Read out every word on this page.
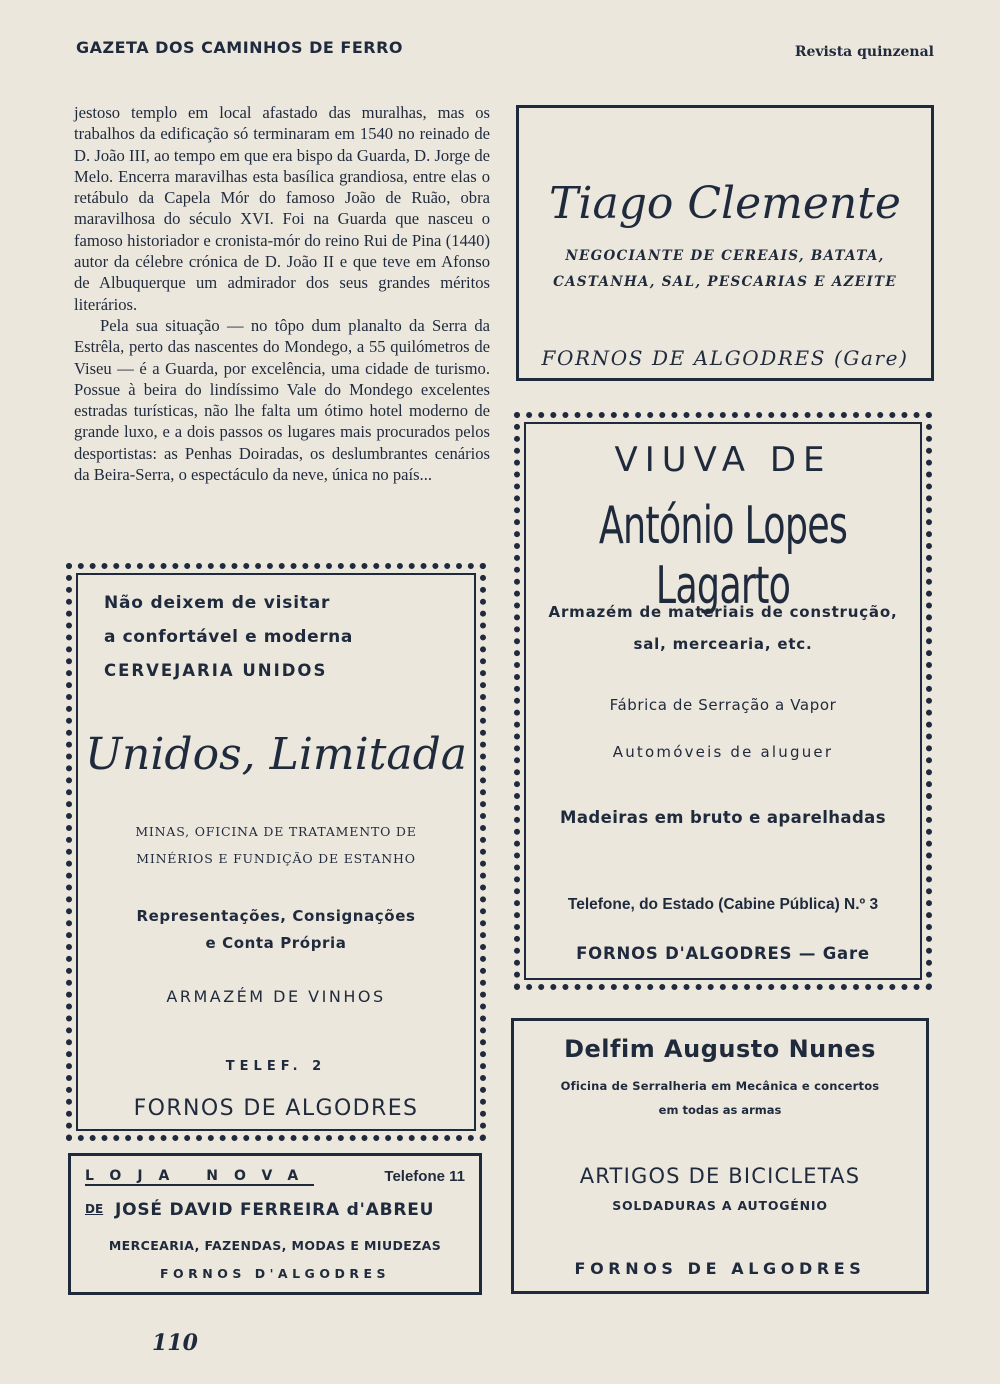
GAZETA DOS CAMINHOS DE FERRO	Revista quinzenal

jestoso templo em local afastado das muralhas, mas os trabalhos da edificação só terminaram em 1540 no reinado de D. João III, ao tempo em que era bispo da Guarda, D. Jorge de Melo. Encerra maravilhas esta basílica grandiosa, entre elas o retábulo da Capela Mór do famoso João de Ruão, obra maravilhosa do século XVI. Foi na Guarda que nasceu o famoso historiador e cronista-mór do reino Rui de Pina (1440) autor da célebre crónica de D. João II e que teve em Afonso de Albuquerque um admirador dos seus grandes méritos literários.

Pela sua situação — no tôpo dum planalto da Serra da Estrêla, perto das nascentes do Mondego, a 55 quilómetros de Viseu — é a Guarda, por excelência, uma cidade de turismo. Possue à beira do lindíssimo Vale do Mondego excelentes estradas turísticas, não lhe falta um ótimo hotel moderno de grande luxo, e a dois passos os lugares mais procurados pelos desportistas: as Penhas Doiradas, os deslumbrantes cenários da Beira-Serra, o espectáculo da neve, única no país...

Tiago Clemente
NEGOCIANTE DE CEREAIS, BATATA,
CASTANHA, SAL, PESCARIAS E AZEITE
FORNOS DE ALGODRES (Gare)
VIUVA DE
António Lopes Lagarto
Armazém de materiais de construção,
sal, mercearia, etc.
Fábrica de Serração a Vapor
Automóveis de aluguer
Madeiras em bruto e aparelhadas
Telefone, do Estado (Cabine Pública) N.º 3
FORNOS D'ALGODRES — Gare
Não deixem de visitar
a confortável e moderna
CERVEJARIA UNIDOS
Unidos, Limitada
MINAS, OFICINA DE TRATAMENTO DE
MINÉRIOS E FUNDIÇÃO DE ESTANHO
Representações, Consignações
e Conta Própria
ARMAZÉM DE VINHOS
TELEF. 2
FORNOS DE ALGODRES
LOJA NOVA	Telefone 11
DE JOSÉ DAVID FERREIRA d'ABREU
MERCEARIA, FAZENDAS, MODAS E MIUDEZAS
FORNOS D'ALGODRES
Delfim Augusto Nunes
Oficina de Serralheria em Mecânica e concertos
em todas as armas
ARTIGOS DE BICICLETAS
SOLDADURAS A AUTOGÉNIO
FORNOS DE ALGODRES
110
